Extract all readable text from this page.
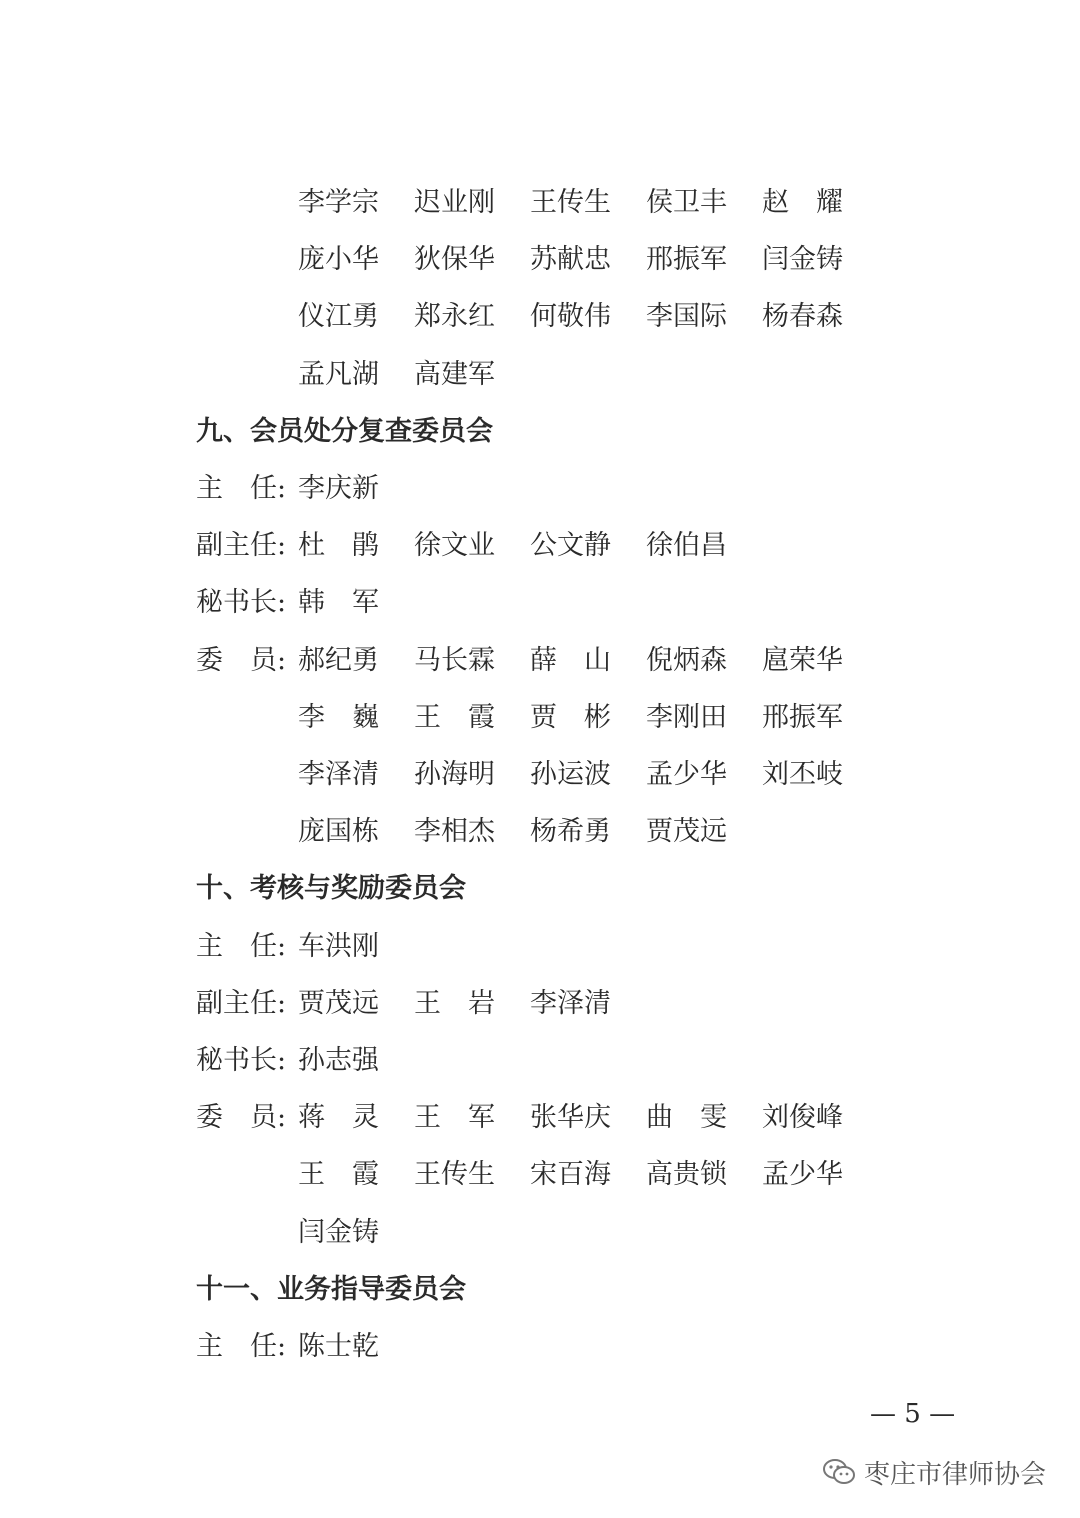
李学宗 迟业刚 王传生 侯卫丰 赵　耀
庞小华 狄保华 苏献忠 邢振军 闫金铸
仪江勇 郑永红 何敬伟 李国际 杨春森
孟凡湖 高建军
九、会员处分复查委员会
主　任: 李庆新
副主任: 杜　鹃 徐文业 公文静 徐伯昌
秘书长: 韩　军
委　员: 郝纪勇 马长霖 薛　山 倪炳森 扈荣华
李　巍 王　霞 贾　彬 李刚田 邢振军
李泽清 孙海明 孙运波 孟少华 刘丕岐
庞国栋 李相杰 杨希勇 贾茂远
十、考核与奖励委员会
主　任: 车洪刚
副主任: 贾茂远 王　岩 李泽清
秘书长: 孙志强
委　员: 蒋　灵 王　军 张华庆 曲　雯 刘俊峰
王　霞 王传生 宋百海 高贵锁 孟少华
闫金铸
十一、业务指导委员会
主　任: 陈士乾
— 5 —
枣庄市律师协会
